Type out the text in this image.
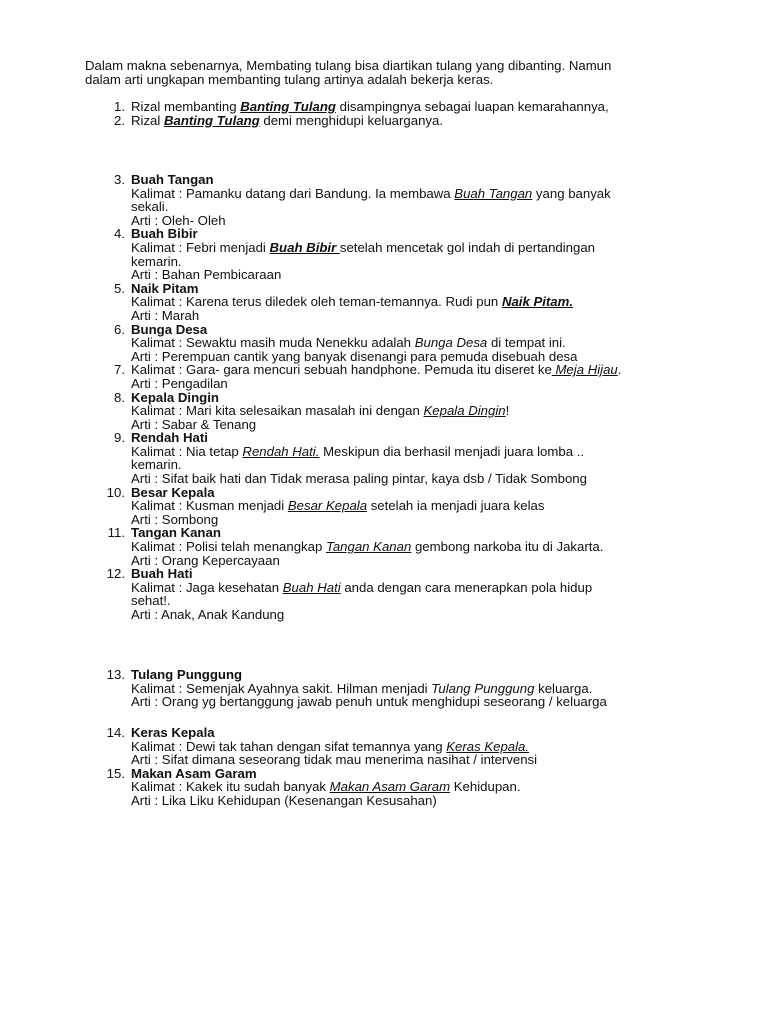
Dalam makna sebenarnya, Membating tulang bisa diartikan tulang yang dibanting. Namun
dalam arti ungkapan membanting tulang artinya adalah bekerja keras.
1. Rizal membanting Banting Tulang disampingnya sebagai luapan kemarahannya,
2. Rizal Banting Tulang demi menghidupi keluarganya.
3. Buah Tangan
Kalimat : Pamanku datang dari Bandung. Ia membawa Buah Tangan yang banyak
sekali.
Arti : Oleh- Oleh
4. Buah Bibir
Kalimat : Febri menjadi Buah Bibir setelah mencetak gol indah di pertandingan
kemarin.
Arti : Bahan Pembicaraan
5. Naik Pitam
Kalimat : Karena terus diledek oleh teman-temannya. Rudi pun Naik Pitam.
Arti : Marah
6. Bunga Desa
Kalimat : Sewaktu masih muda Nenekku adalah Bunga Desa di tempat ini.
Arti : Perempuan cantik yang banyak disenangi para pemuda disebuah desa
7. Kalimat : Gara- gara mencuri sebuah handphone. Pemuda itu diseret ke Meja Hijau.
Arti : Pengadilan
8. Kepala Dingin
Kalimat : Mari kita selesaikan masalah ini dengan Kepala Dingin!
Arti : Sabar & Tenang
9. Rendah Hati
Kalimat : Nia tetap Rendah Hati. Meskipun dia berhasil menjadi juara lomba ..
kemarin.
Arti : Sifat baik hati dan Tidak merasa paling pintar, kaya dsb / Tidak Sombong
10. Besar Kepala
Kalimat : Kusman menjadi Besar Kepala setelah ia menjadi juara kelas
Arti : Sombong
11. Tangan Kanan
Kalimat : Polisi telah menangkap Tangan Kanan gembong narkoba itu di Jakarta.
Arti : Orang Kepercayaan
12. Buah Hati
Kalimat : Jaga kesehatan Buah Hati anda dengan cara menerapkan pola hidup
sehat!.
Arti : Anak, Anak Kandung
13. Tulang Punggung
Kalimat : Semenjak Ayahnya sakit. Hilman menjadi Tulang Punggung keluarga.
Arti : Orang yg bertanggung jawab penuh untuk menghidupi seseorang / keluarga
14. Keras Kepala
Kalimat : Dewi tak tahan dengan sifat temannya yang Keras Kepala.
Arti : Sifat dimana seseorang tidak mau menerima nasihat / intervensi
15. Makan Asam Garam
Kalimat : Kakek itu sudah banyak Makan Asam Garam Kehidupan.
Arti : Lika Liku Kehidupan (Kesenangan Kesusahan)
